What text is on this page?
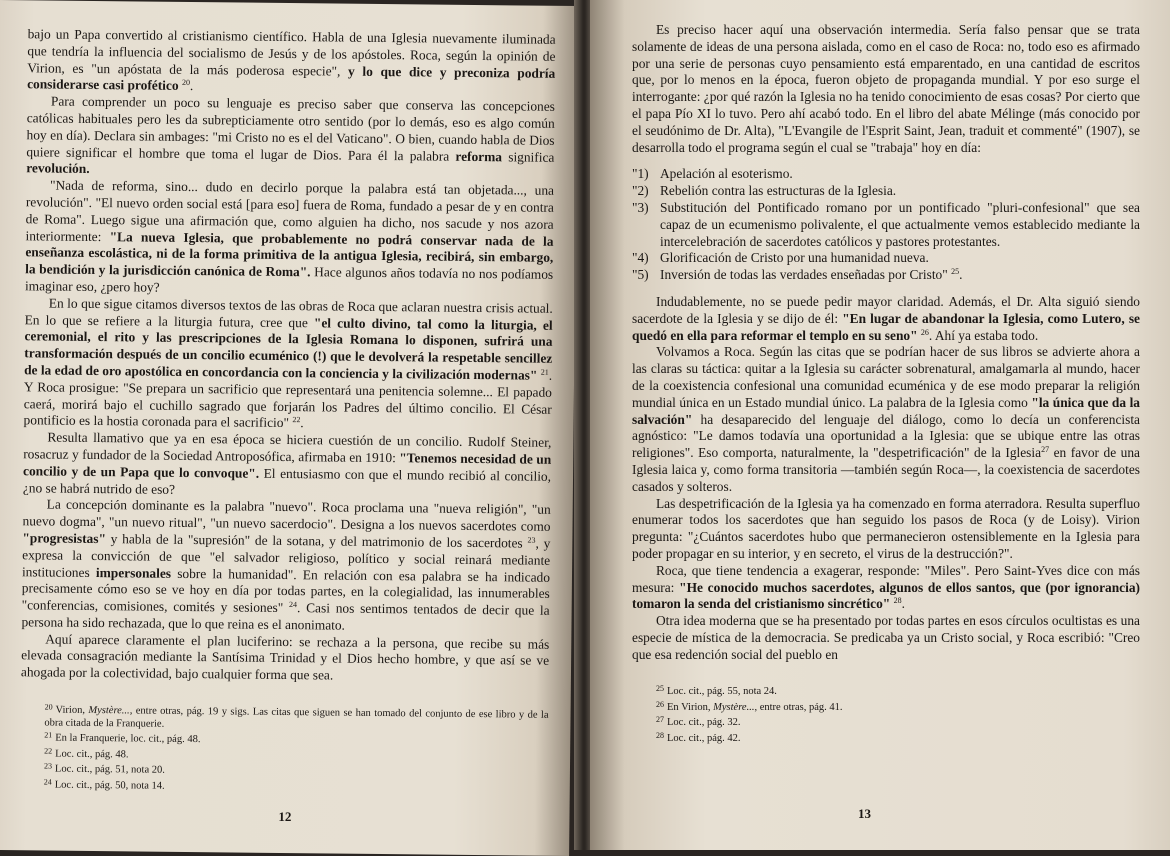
bajo un Papa convertido al cristianismo científico. Habla de una Iglesia nuevamente iluminada que tendría la influencia del socialismo de Jesús y de los apóstoles. Roca, según la opinión de Virion, es "un apóstata de la más poderosa especie", y lo que dice y preconiza podría considerarse casi profético $^{20}$.

Para comprender un poco su lenguaje es preciso saber que conserva las concepciones católicas habituales pero les da subrepticiamente otro sentido (por lo demás, eso es algo común hoy en día). Declara sin ambages: "mi Cristo no es el del Vaticano". O bien, cuando habla de Dios quiere significar el hombre que toma el lugar de Dios. Para él la palabra reforma significa revolución.

"Nada de reforma, sino... dudo en decirlo porque la palabra está tan objetada..., una revolución". "El nuevo orden social está [para eso] fuera de Roma, fundado a pesar de y en contra de Roma". Luego sigue una afirmación que, como alguien ha dicho, nos sacude y nos azora interiormente: "La nueva Iglesia, que probablemente no podrá conservar nada de la enseñanza escolástica, ni de la forma primitiva de la antigua Iglesia, recibirá, sin embargo, la bendición y la jurisdicción canónica de Roma". Hace algunos años todavía no nos podíamos imaginar eso, ¿pero hoy?

En lo que sigue citamos diversos textos de las obras de Roca que aclaran nuestra crisis actual. En lo que se refiere a la liturgia futura, cree que "el culto divino, tal como la liturgia, el ceremonial, el rito y las prescripciones de la Iglesia Romana lo disponen, sufrirá una transformación después de un concilio ecuménico (!) que le devolverá la respetable sencillez de la edad de oro apostólica en concordancia con la conciencia y la civilización modernas" $^{21}$. Y Roca prosigue: "Se prepara un sacrificio que representará una penitencia solemne... El papado caerá, morirá bajo el cuchillo sagrado que forjarán los Padres del último concilio. El César pontificio es la hostia coronada para el sacrificio" $^{22}$.

Resulta llamativo que ya en esa época se hiciera cuestión de un concilio. Rudolf Steiner, rosacruz y fundador de la Sociedad Antroposófica, afirmaba en 1910: "Tenemos necesidad de un concilio y de un Papa que lo convoque". El entusiasmo con que el mundo recibió al concilio, ¿no se habrá nutrido de eso?

La concepción dominante es la palabra "nuevo". Roca proclama una "nueva religión", "un nuevo dogma", "un nuevo ritual", "un nuevo sacerdocio". Designa a los nuevos sacerdotes como "progresistas" y habla de la "supresión" de la sotana, y del matrimonio de los sacerdotes $^{23}$, y expresa la convicción de que "el salvador religioso, político y social reinará mediante instituciones impersonales sobre la humanidad". En relación con esa palabra se ha indicado precisamente cómo eso se ve hoy en día por todas partes, en la colegialidad, las innumerables "conferencias, comisiones, comités y sesiones" $^{24}$. Casi nos sentimos tentados de decir que la persona ha sido rechazada, que lo que reina es el anonimato.

Aquí aparece claramente el plan luciferino: se rechaza a la persona, que recibe su más elevada consagración mediante la Santísima Trinidad y el Dios hecho hombre, y que así se ve ahogada por la colectividad, bajo cualquier forma que sea.

$^{20}$ Virion, Mystère..., entre otras, pág. 19 y sigs. Las citas que siguen se han tomado del conjunto de ese libro y de la obra citada de la Franquerie.
$^{21}$ En la Franquerie, loc. cit., pág. 48.
$^{22}$ Loc. cit., pág. 48.
$^{23}$ Loc. cit., pág. 51, nota 20.
$^{24}$ Loc. cit., pág. 50, nota 14.
12

Es preciso hacer aquí una observación intermedia. Sería falso pensar que se trata solamente de ideas de una persona aislada, como en el caso de Roca: no, todo eso es afirmado por una serie de personas cuyo pensamiento está emparentado, en una cantidad de escritos que, por lo menos en la época, fueron objeto de propaganda mundial. Y por eso surge el interrogante: ¿por qué razón la Iglesia no ha tenido conocimiento de esas cosas? Por cierto que el papa Pío XI lo tuvo. Pero ahí acabó todo. En el libro del abate Mélinge (más conocido por el seudónimo de Dr. Alta), "L'Evangile de l'Esprit Saint, Jean, traduit et commenté" (1907), se desarrolla todo el programa según el cual se "trabaja" hoy en día:

"1) Apelación al esoterismo.
"2) Rebelión contra las estructuras de la Iglesia.
"3) Substitución del Pontificado romano por un pontificado "pluri-confesional" que sea capaz de un ecumenismo polivalente, el que actualmente vemos establecido mediante la intercelebración de sacerdotes católicos y pastores protestantes.
"4) Glorificación de Cristo por una humanidad nueva.
"5) Inversión de todas las verdades enseñadas por Cristo" $^{25}$.

Indudablemente, no se puede pedir mayor claridad. Además, el Dr. Alta siguió siendo sacerdote de la Iglesia y se dijo de él: "En lugar de abandonar la Iglesia, como Lutero, se quedó en ella para reformar el templo en su seno" $^{26}$. Ahí ya estaba todo.

Volvamos a Roca. Según las citas que se podrían hacer de sus libros se advierte ahora a las claras su táctica: quitar a la Iglesia su carácter sobrenatural, amalgamarla al mundo, hacer de la coexistencia confesional una comunidad ecuménica y de ese modo preparar la religión mundial única en un Estado mundial único. La palabra de la Iglesia como "la única que da la salvación" ha desaparecido del lenguaje del diálogo, como lo decía un conferencista agnóstico: "Le damos todavía una oportunidad a la Iglesia: que se ubique entre las otras religiones". Eso comporta, naturalmente, la "despetrificación" de la Iglesia$^{27}$ en favor de una Iglesia laica y, como forma transitoria —también según Roca—, la coexistencia de sacerdotes casados y solteros.

Las despetrificación de la Iglesia ya ha comenzado en forma aterradora. Resulta superfluo enumerar todos los sacerdotes que han seguido los pasos de Roca (y de Loisy). Virion pregunta: "¿Cuántos sacerdotes hubo que permanecieron ostensiblemente en la Iglesia para poder propagar en su interior, y en secreto, el virus de la destrucción?".

Roca, que tiene tendencia a exagerar, responde: "Miles". Pero Saint-Yves dice con más mesura: "He conocido muchos sacerdotes, algunos de ellos santos, que (por ignorancia) tomaron la senda del cristianismo sincrético" $^{28}$.

Otra idea moderna que se ha presentado por todas partes en esos círculos ocultistas es una especie de mística de la democracia. Se predicaba ya un Cristo social, y Roca escribió: "Creo que esa redención social del pueblo en

$^{25}$ Loc. cit., pág. 55, nota 24.
$^{26}$ En Virion, Mystère..., entre otras, pág. 41.
$^{27}$ Loc. cit., pág. 32.
$^{28}$ Loc. cit., pág. 42.
13
